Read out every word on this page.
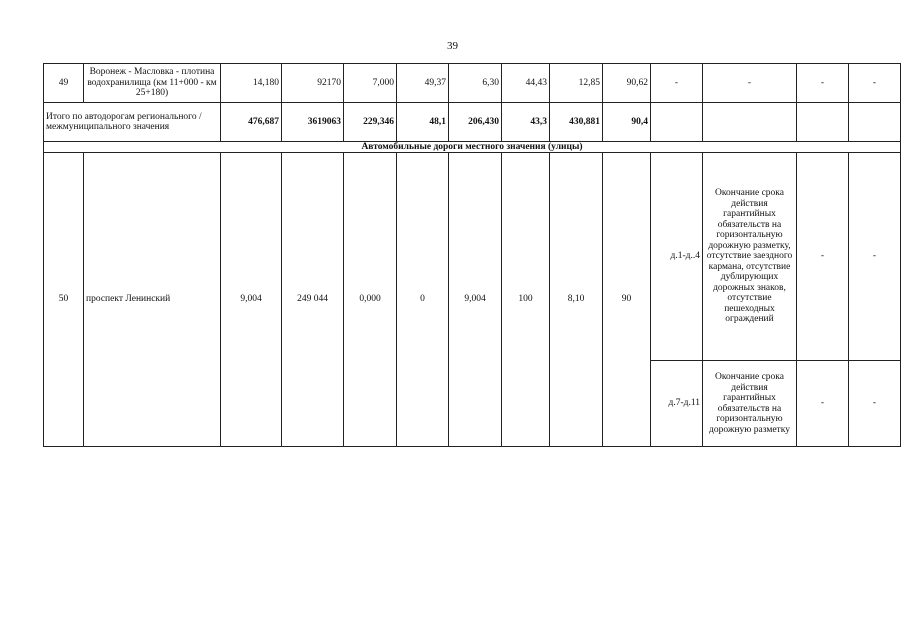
39
49	Воронеж - Масловка - плотина водохранилища (км 11+000 - км 25+180)	14,180	92170	7,000	49,37	6,30	44,43	12,85	90,62	-	-	-	-
Итого по автодорогам регионального / межмуниципального значения		476,687	3619063	229,346	48,1	206,430	43,3	430,881	90,4				
Автомобильные дороги местного значения (улицы)													
50	проспект Ленинский	9,004	249 044	0,000	0	9,004	100	8,10	90	д.1-д..4	Окончание срока действия гарантийных обязательств на горизонтальную дорожную разметку, отсутствие заездного кармана, отсутствие дублирующих дорожных знаков, отсутствие пешеходных ограждений	-	-
										д.7-д.11	Окончание срока действия гарантийных обязательств на горизонтальную дорожную разметку	-	-
